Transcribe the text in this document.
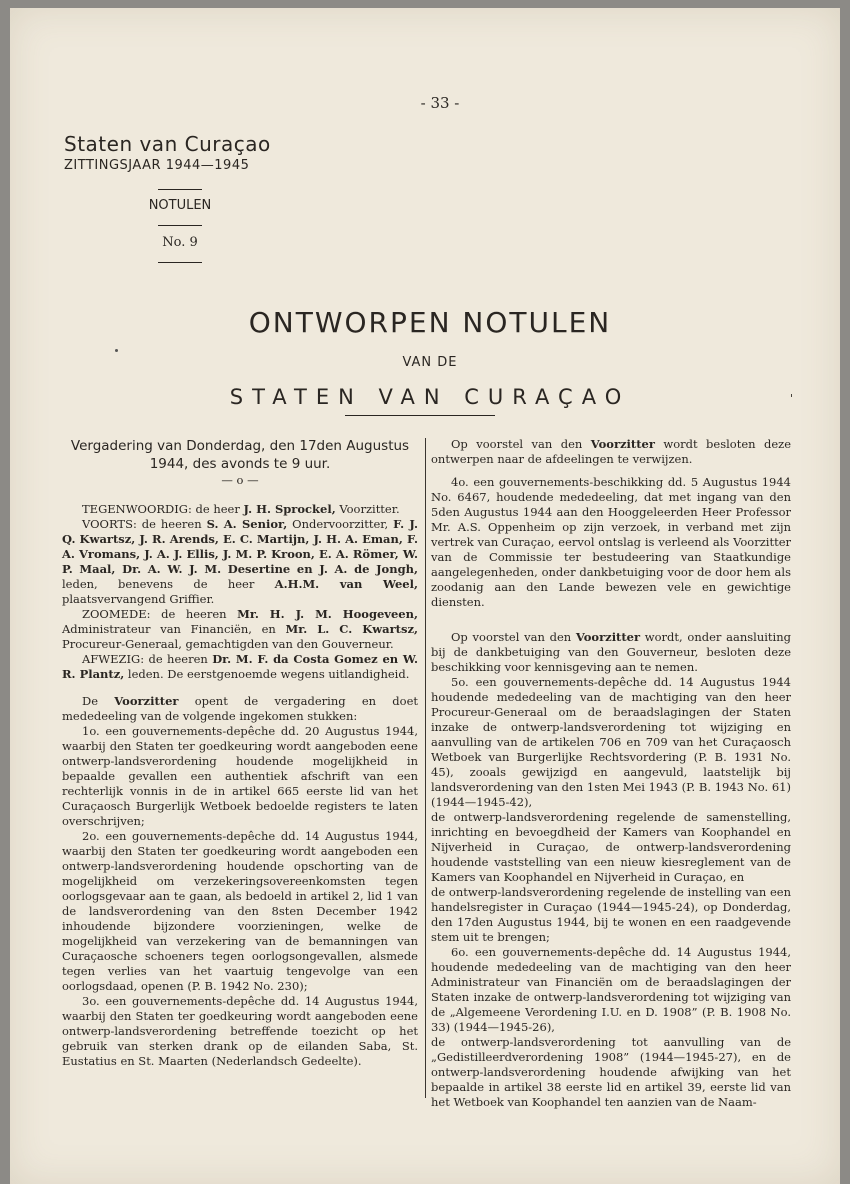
- 33 -
Staten van Curaçao
ZITTINGSJAAR 1944—1945
NOTULEN
No. 9
ONTWORPEN NOTULEN
VAN DE
STATEN VAN CURAÇAO	'

Vergadering van Donderdag, den 17den Augustus 1944, des avonds te 9 uur.

— o —

TEGENWOORDIG: de heer J. H. Sprockel, Voorzitter.

VOORTS: de heeren S. A. Senior, Ondervoorzitter, F. J. Q. Kwartsz, J. R. Arends, E. C. Martijn, J. H. A. Eman, F. A. Vromans, J. A. J. Ellis, J. M. P. Kroon, E. A. Römer, W. P. Maal, Dr. A. W. J. M. Desertine en J. A. de Jongh, leden, benevens de heer A.H.M. van Weel, plaatsvervangend Griffier.

ZOOMEDE: de heeren Mr. H. J. M. Hoogeveen, Administrateur van Financiën, en Mr. L. C. Kwartsz, Procureur-Generaal, gemachtigden van den Gouverneur.

AFWEZIG: de heeren Dr. M. F. da Costa Gomez en W. R. Plantz, leden. De eerstgenoemde wegens uitlandigheid.

De Voorzitter opent de vergadering en doet mededeeling van de volgende ingekomen stukken:

1o. een gouvernements-depêche dd. 20 Augustus 1944, waarbij den Staten ter goedkeuring wordt aangeboden eene ontwerp-landsverordening houdende mogelijkheid in bepaalde gevallen een authentiek afschrift van een rechterlijk vonnis in de in artikel 665 eerste lid van het Curaçaosch Burgerlijk Wetboek bedoelde registers te laten overschrijven;

2o. een gouvernements-depêche dd. 14 Augustus 1944, waarbij den Staten ter goedkeuring wordt aangeboden een ontwerp-landsverordening houdende opschorting van de mogelijkheid om verzekeringsovereenkomsten tegen oorlogsgevaar aan te gaan, als bedoeld in artikel 2, lid 1 van de landsverordening van den 8sten December 1942 inhoudende bijzondere voorzieningen, welke de mogelijkheid van verzekering van de bemanningen van Curaçaosche schoeners tegen oorlogsongevallen, alsmede tegen verlies van het vaartuig tengevolge van een oorlogsdaad, openen (P. B. 1942 No. 230);

3o. een gouvernements-depêche dd. 14 Augustus 1944, waarbij den Staten ter goedkeuring wordt aangeboden eene ontwerp-landsverordening betreffende toezicht op het gebruik van sterken drank op de eilanden Saba, St. Eustatius en St. Maarten (Nederlandsch Gedeelte).

Op voorstel van den Voorzitter wordt besloten deze ontwerpen naar de afdeelingen te verwijzen.

4o. een gouvernements-beschikking dd. 5 Augustus 1944 No. 6467, houdende mededeeling, dat met ingang van den 5den Augustus 1944 aan den Hooggeleerden Heer Professor Mr. A.S. Oppenheim op zijn verzoek, in verband met zijn vertrek van Curaçao, eervol ontslag is verleend als Voorzitter van de Commissie ter bestudeering van Staatkundige aangelegenheden, onder dankbetuiging voor de door hem als zoodanig aan den Lande bewezen vele en gewichtige diensten.

Op voorstel van den Voorzitter wordt, onder aansluiting bij de dankbetuiging van den Gouverneur, besloten deze beschikking voor kennisgeving aan te nemen.

5o. een gouvernements-depêche dd. 14 Augustus 1944 houdende mededeeling van de machtiging van den heer Procureur-Generaal om de beraadslagingen der Staten inzake de ontwerp-landsverordening tot wijziging en aanvulling van de artikelen 706 en 709 van het Curaçaosch Wetboek van Burgerlijke Rechtsvordering (P. B. 1931 No. 45), zooals gewijzigd en aangevuld, laatstelijk bij landsverordening van den 1sten Mei 1943 (P. B. 1943 No. 61) (1944—1945-42),

de ontwerp-landsverordening regelende de samenstelling, inrichting en bevoegdheid der Kamers van Koophandel en Nijverheid in Curaçao, de ontwerp-landsverordening houdende vaststelling van een nieuw kiesreglement van de Kamers van Koophandel en Nijverheid in Curaçao, en

de ontwerp-landsverordening regelende de instelling van een handelsregister in Curaçao (1944—1945-24), op Donderdag, den 17den Augustus 1944, bij te wonen en een raadgevende stem uit te brengen;

6o. een gouvernements-depêche dd. 14 Augustus 1944, houdende mededeeling van de machtiging van den heer Administrateur van Financiën om de beraadslagingen der Staten inzake de ontwerp-landsverordening tot wijziging van de „Algemeene Verordening I.U. en D. 1908” (P. B. 1908 No. 33) (1944—1945-26),

de ontwerp-landsverordening tot aanvulling van de „Gedistilleerdverordening 1908” (1944—1945-27), en de ontwerp-landsverordening houdende afwijking van het bepaalde in artikel 38 eerste lid en artikel 39, eerste lid van het Wetboek van Koophandel ten aanzien van de Naam-
